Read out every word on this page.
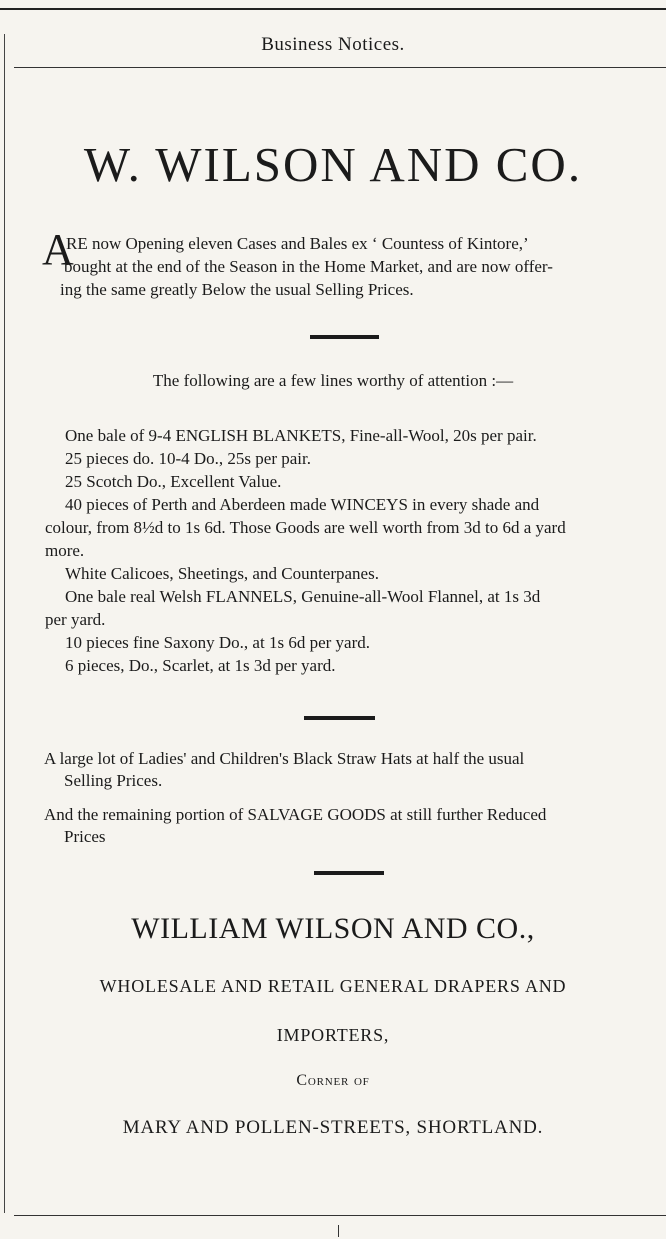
Business Notices.
W. WILSON AND CO.
A
RE now Opening eleven Cases and Bales ex ‘ Countess of Kintore,’
bought at the end of the Season in the Home Market, and are now offer-
ing the same greatly Below the usual Selling Prices.
The following are a few lines worthy of attention :—
One bale of 9-4 ENGLISH BLANKETS, Fine-all-Wool, 20s per pair.
25 pieces do. 10-4 Do., 25s per pair.
25 Scotch Do., Excellent Value.
40 pieces of Perth and Aberdeen made WINCEYS in every shade and
colour, from 8½d to 1s 6d. Those Goods are well worth from 3d to 6d a yard
more.
White Calicoes, Sheetings, and Counterpanes.
One bale real Welsh FLANNELS, Genuine-all-Wool Flannel, at 1s 3d
per yard.
10 pieces fine Saxony Do., at 1s 6d per yard.
6 pieces, Do., Scarlet, at 1s 3d per yard.
A large lot of Ladies' and Children's Black Straw Hats at half the usual
Selling Prices.
And the remaining portion of SALVAGE GOODS at still further Reduced
Prices
WILLIAM WILSON AND CO.,
WHOLESALE AND RETAIL GENERAL DRAPERS AND
IMPORTERS,
Corner of
MARY AND POLLEN-STREETS, SHORTLAND.
